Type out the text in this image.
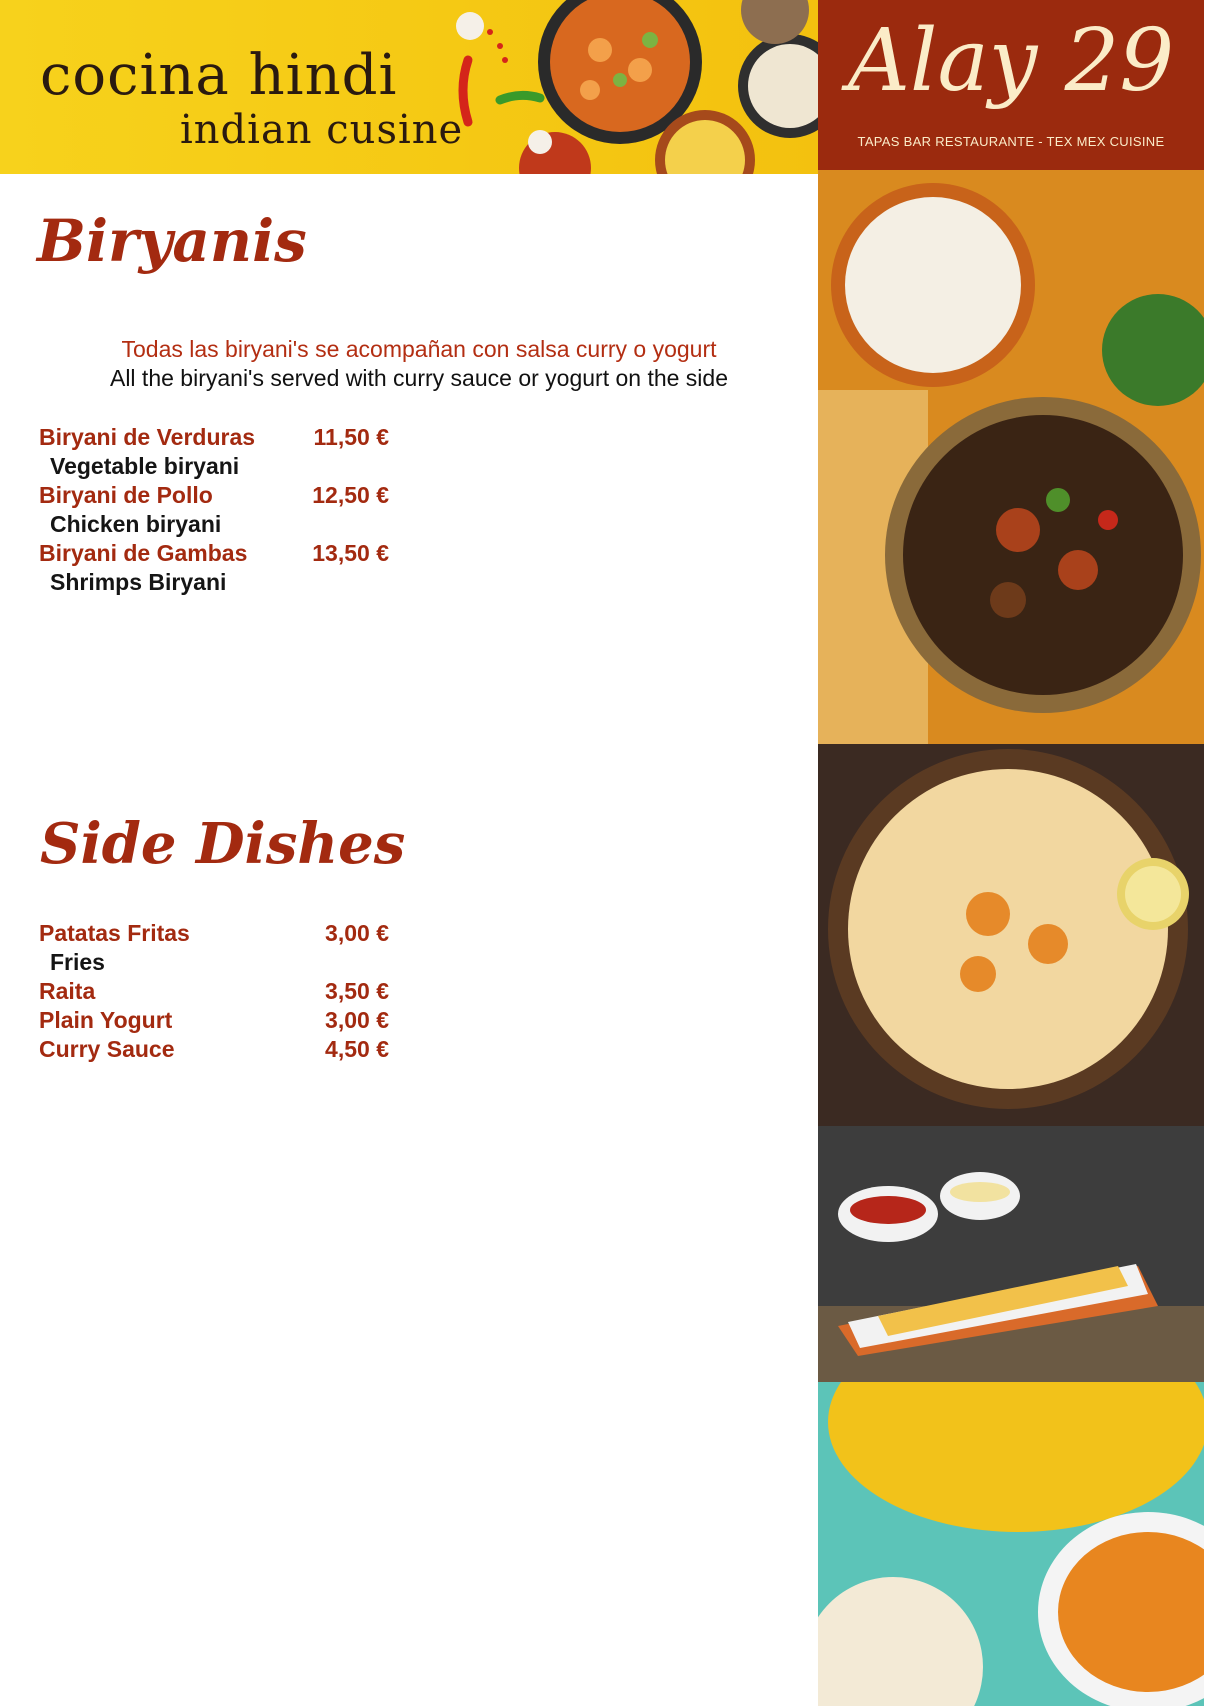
cocina hindi
indian cusine
Alay 29
TAPAS BAR RESTAURANTE - TEX MEX CUISINE
Biryanis
Todas las biryani's se acompañan con salsa curry o yogurt
All the biryani's served with curry sauce or yogurt on the side
Biryani de Verduras	11,50 €
Vegetable biryani
Biryani de Pollo	12,50 €
Chicken biryani
Biryani de Gambas	13,50 €
Shrimps Biryani
Side Dishes
Patatas Fritas	3,00 €
Fries
Raita	3,50 €
Plain Yogurt	3,00 €
Curry Sauce	4,50 €
